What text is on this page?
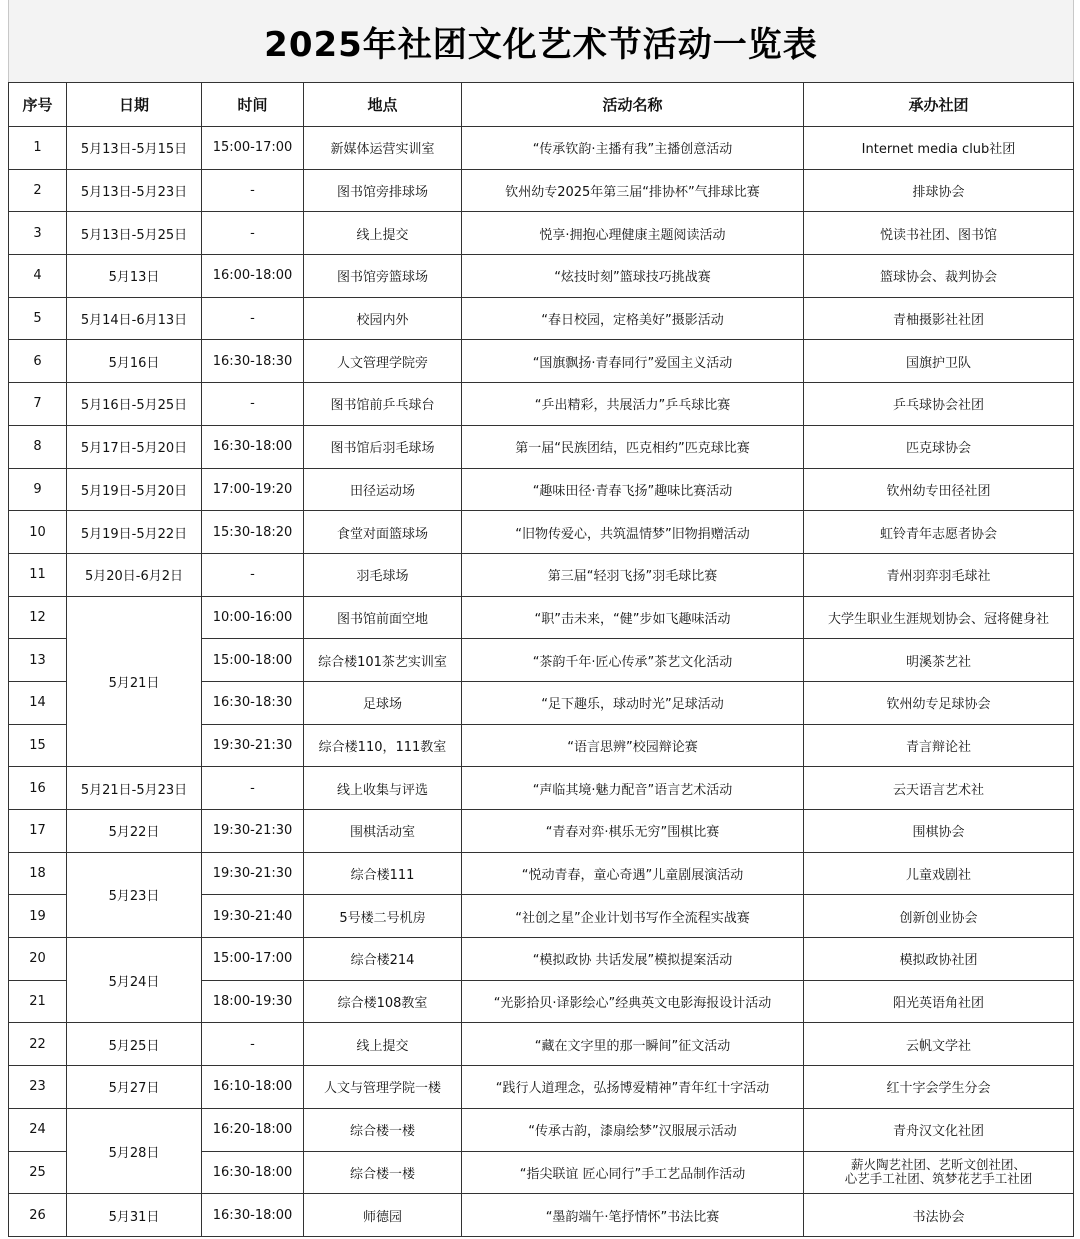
2025年社团文化艺术节活动一览表
序号	日期	时间	地点	活动名称	承办社团
1	5月13日-5月15日	15:00-17:00	新媒体运营实训室	“传承钦韵·主播有我”主播创意活动	Internet media club社团
2	5月13日-5月23日	-	图书馆旁排球场	钦州幼专2025年第三届“排协杯”气排球比赛	排球协会
3	5月13日-5月25日	-	线上提交	悦享·拥抱心理健康主题阅读活动	悦读书社团、图书馆
4	5月13日	16:00-18:00	图书馆旁篮球场	“炫技时刻”篮球技巧挑战赛	篮球协会、裁判协会
5	5月14日-6月13日	-	校园内外	“春日校园，定格美好”摄影活动	青柚摄影社社团
6	5月16日	16:30-18:30	人文管理学院旁	“国旗飘扬·青春同行”爱国主义活动	国旗护卫队
7	5月16日-5月25日	-	图书馆前乒乓球台	“乒出精彩，共展活力”乒乓球比赛	乒乓球协会社团
8	5月17日-5月20日	16:30-18:00	图书馆后羽毛球场	第一届“民族团结，匹克相约”匹克球比赛	匹克球协会
9	5月19日-5月20日	17:00-19:20	田径运动场	“趣味田径·青春飞扬”趣味比赛活动	钦州幼专田径社团
10	5月19日-5月22日	15:30-18:20	食堂对面篮球场	“旧物传爱心，共筑温情梦”旧物捐赠活动	虹铃青年志愿者协会
11	5月20日-6月2日	-	羽毛球场	第三届“轻羽飞扬”羽毛球比赛	青州羽弈羽毛球社
12	5月21日	10:00-16:00	图书馆前面空地	“职”击未来，“健”步如飞趣味活动	大学生职业生涯规划协会、冠将健身社
13		15:00-18:00	综合楼101茶艺实训室	“茶韵千年·匠心传承”茶艺文化活动	明溪茶艺社
14		16:30-18:30	足球场	“足下趣乐，球动时光”足球活动	钦州幼专足球协会
15		19:30-21:30	综合楼110，111教室	“语言思辨”校园辩论赛	青言辩论社
16	5月21日-5月23日	-	线上收集与评选	“声临其境·魅力配音”语言艺术活动	云天语言艺术社
17	5月22日	19:30-21:30	围棋活动室	“青春对弈·棋乐无穷”围棋比赛	围棋协会
18	5月23日	19:30-21:30	综合楼111	“悦动青春，童心奇遇”儿童剧展演活动	儿童戏剧社
19		19:30-21:40	5号楼二号机房	“社创之星”企业计划书写作全流程实战赛	创新创业协会
20	5月24日	15:00-17:00	综合楼214	“模拟政协 共话发展”模拟提案活动	模拟政协社团
21		18:00-19:30	综合楼108教室	“光影拾贝·译影绘心”经典英文电影海报设计活动	阳光英语角社团
22	5月25日	-	线上提交	“藏在文字里的那一瞬间”征文活动	云帆文学社
23	5月27日	16:10-18:00	人文与管理学院一楼	“践行人道理念，弘扬博爱精神”青年红十字活动	红十字会学生分会
24	5月28日	16:20-18:00	综合楼一楼	“传承古韵，漆扇绘梦”汉服展示活动	青舟汉文化社团
25		16:30-18:00	综合楼一楼	“指尖联谊 匠心同行”手工艺品制作活动	薪火陶艺社团、艺昕文创社团、
心艺手工社团、筑梦花艺手工社团

26	5月31日	16:30-18:00	师德园	“墨韵端午·笔抒情怀”书法比赛	书法协会
